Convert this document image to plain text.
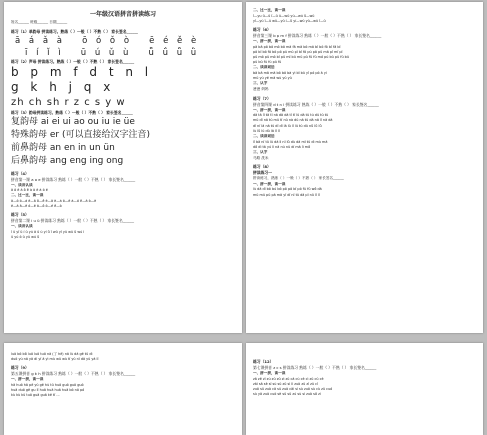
一年级汉语拼音拼读练习
姓名______ 班级______ 日期______
练习（1）单韵母 拼读练习。熟练（ ）一般（ ）不熟（ ） 家长签名______
ā á ǎ à ō ó ǒ ò ē é ě è
ī í ǐ ì ū ú ǔ ù ǖ ǘ ǚ ǜ
练习（2）声母 拼读练习。熟练（ ）一般（ ）不熟（ ） 家长签名______
b p m f d t n l
g k h j q x
zh ch sh r z c s y w
练习（3）韵母拼读练习。熟练（ ）一般（ ）不熟（ ） 家长签名______
复韵母 ai ei ui ao ou iu ie üe
特殊韵母 er (可以直接给汉字注音)
前鼻韵母 an en in un ün
后鼻韵母 ang eng ing ong
练习（4）
拼音第一课 a o e 拼读练习 熟练（ ）一般（ ）不熟（ ） 家长签名______
一、读音认读
ā ō ē ǎ ǒ ě à ò è á ó é
二、比一比，读一读
ā—ō ó—á ē—ā ǒ—ě é—ā è—á ō—ē á—ó ě—ǎ ò—è
ē—ǎ ā—ē ó—ē ǎ—ǒ ō—é ě—ò
练习（5）
拼音第二课 i u ü 拼读练习 熟练（ ）一般（ ）不熟（ ） 家长签名______
一、读音认读
ǐ ū yī ǖ í ǔ yú ǎ ū ù yí ǚ ī wū yǐ yǔ wǔ ǘ wú ì
ū yú ō ǔ yǔ wú ǚ
二、比一比，读一读
ī—yu ǖ—ū ī—ū ǔ—wǔ yú—wú ǚ—wǔ
yī—yú ī—ǔ wū—yū í—ǚ yí—wǔ yǔ—wǔ ī—ū
练习（6）
拼音第三课 b p m f 拼读练习 熟练（ ）一般（ ）不熟（ ） 家长签名______
一、拼一拼，读一读
pā bā pō bō mō bō mǎ fā mā bō mǎ bǐ bō fō bǐ fā bǐ
pō bǐ bō fō bō pō pǔ mǔ pǐ bǐ fō pú pā pū mǎ pǐ mǐ pǐ
pū mō pǔ mō bǐ pū mǐ bǔ mǔ pǔ fū fǔ mó pú bǔ pǔ fǔ bǔ
pǔ bū fǔ fú pǔ fǔ
二、读读词语
bā bā mā mā bō bō bà yì bǐ bǔ yī pó pó ǎ yí
mǔ yú yé mǎ wù yǔ yǔ
三、认字
爸爸 妈妈
练习（7）
拼音第四课 d t n l 拼读练习 熟练（ ）一般（ ）不熟（ ） 家长签名______
一、拼一拼，读一读
dā tā lǐ tā tǐ nǎ dā dǎ tǐ tǐ lǔ dǎ tǔ tú dǔ tǔ tǔ
mǔ dǐ nǎ tǔ mǔ tǐ nǔ nà dǔ nǎ tǔ dǎ nǎ lǐ nǎ dǎ
dǐ nǐ lǎ nǎ tǔ dǐ dǐ lǎ lǔ lǐ lǔ tǔ dǔ nǚ lǚ lǚ
lù lǚ lǔ dǔ lǎ lǐ lǐ
二、读读词语
lǐ bā nǐ tū lǔ dǎ lì nǐ lǜ dù dǎ mǐ tǔ dì mù mǎ
dǒ dì tǎ yú lì nǎ nú nǔ dí mǎ lì mǒ
三、认字
马路 洗米
练习（8）
拼读练习一
拼读练习，熟练（ ）一般（ ）不熟（ ） 家长签名______
一、拼一拼，读一读
lù dā dǐ bō bú bō pō pō bǐ pó fǔ fū wǒ dǎ
mǔ mǔ pǔ pǎ mǎ yǐ dǐ nǐ tǔ dā pǐ nū lǐ lǐ
luò bō bǒ luō luō tuō nǎ (了 hē) nǎ lù dǎ gē tū dì
duō yú nǎ yǎ dì yǐ ǎ yì mù wū wù tǐ yǔ nǐ dǎ yǔ yǎ lǐ
练习（9）
第五课拼音 g k h 拼读练习 熟练（ ）一般（ ）不熟（ ） 家长签名______
一、拼一拼，读一读
hā huō hā pē yǔ gē hù tū huō guō guō guō
huā duō gē gu lǐ huā huā huā huā bō nō pó
kù kù kǔ tuō guā guā kē tī ...
练习（12）
第七课拼音 z c s 拼读练习 熟练（ ）一般（ ）不熟（ ） 家长签名______
一、拼一拼，读一读
zā zē zǐ zú zǔ zū zì zǔ cǎ cù cè cì zǔ cǔ cè
zǎi sā sè sǐ sù sǔ zū sì lì zuò zǔ zǐ zǔ cǐ
zuō sū zuò cā sǔ zuò cāi sì sù zuō sù cù zū cuó
sù yā zuò cuò sè sū sū zú sù sì zuò sǒ zì
